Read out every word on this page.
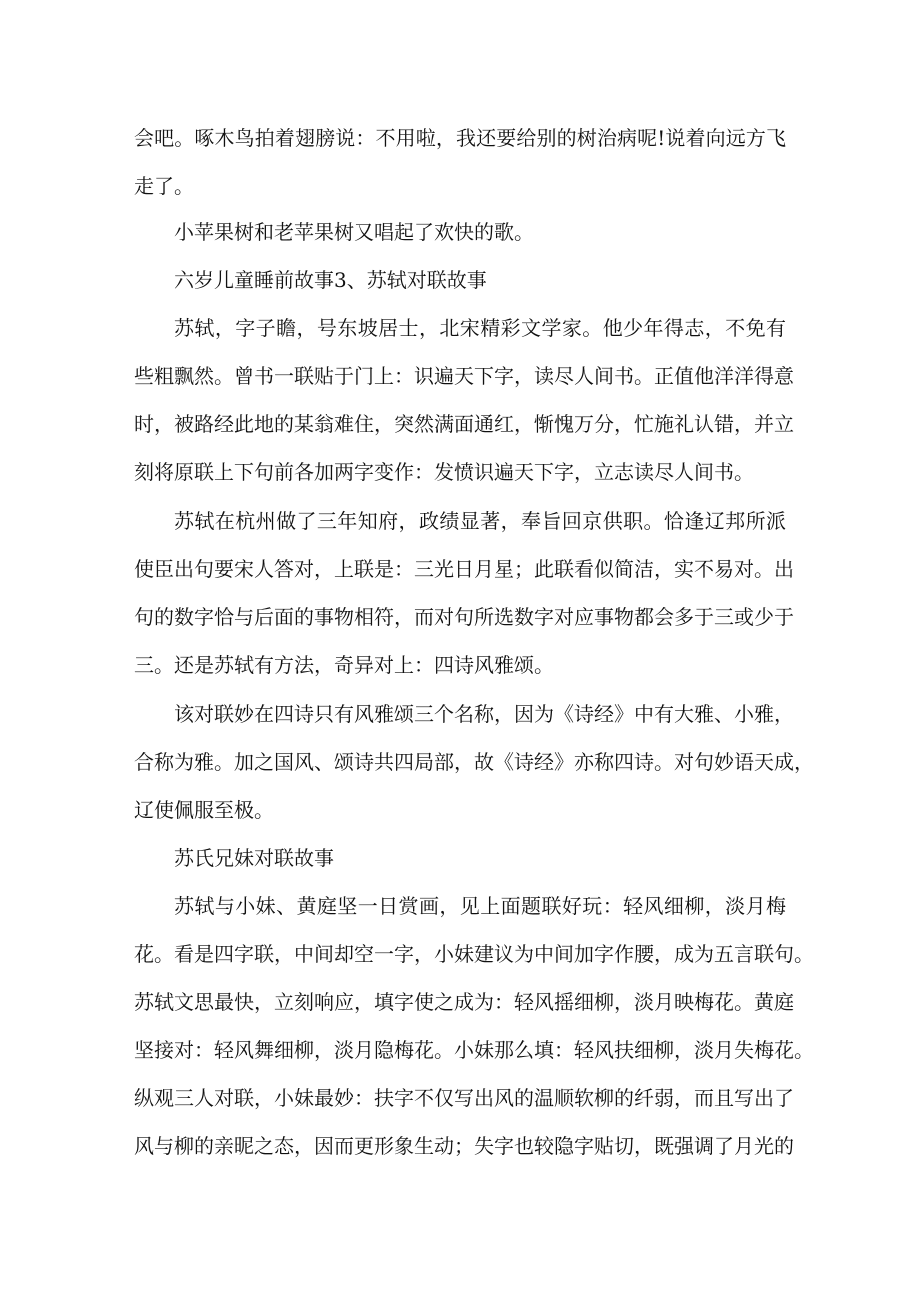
会吧。啄木鸟拍着翅膀说：不用啦，我还要给别的树治病呢!说着向远方飞
走了。
小苹果树和老苹果树又唱起了欢快的歌。
六岁儿童睡前故事3、苏轼对联故事
苏轼，字子瞻，号东坡居士，北宋精彩文学家。他少年得志，不免有
些粗飘然。曾书一联贴于门上：识遍天下字，读尽人间书。正值他洋洋得意
时，被路经此地的某翁难住，突然满面通红，惭愧万分，忙施礼认错，并立
刻将原联上下句前各加两字变作：发愤识遍天下字，立志读尽人间书。
苏轼在杭州做了三年知府，政绩显著，奉旨回京供职。恰逢辽邦所派
使臣出句要宋人答对，上联是：三光日月星；此联看似简洁，实不易对。出
句的数字恰与后面的事物相符，而对句所选数字对应事物都会多于三或少于
三。还是苏轼有方法，奇异对上：四诗风雅颂。
该对联妙在四诗只有风雅颂三个名称，因为《诗经》中有大雅、小雅，
合称为雅。加之国风、颂诗共四局部，故《诗经》亦称四诗。对句妙语天成，
辽使佩服至极。
苏氏兄妹对联故事
苏轼与小妹、黄庭坚一日赏画，见上面题联好玩：轻风细柳，淡月梅
花。看是四字联，中间却空一字，小妹建议为中间加字作腰，成为五言联句。
苏轼文思最快，立刻响应，填字使之成为：轻风摇细柳，淡月映梅花。黄庭
坚接对：轻风舞细柳，淡月隐梅花。小妹那么填：轻风扶细柳，淡月失梅花。
纵观三人对联，小妹最妙：扶字不仅写出风的温顺软柳的纤弱，而且写出了
风与柳的亲昵之态，因而更形象生动；失字也较隐字贴切，既强调了月光的
